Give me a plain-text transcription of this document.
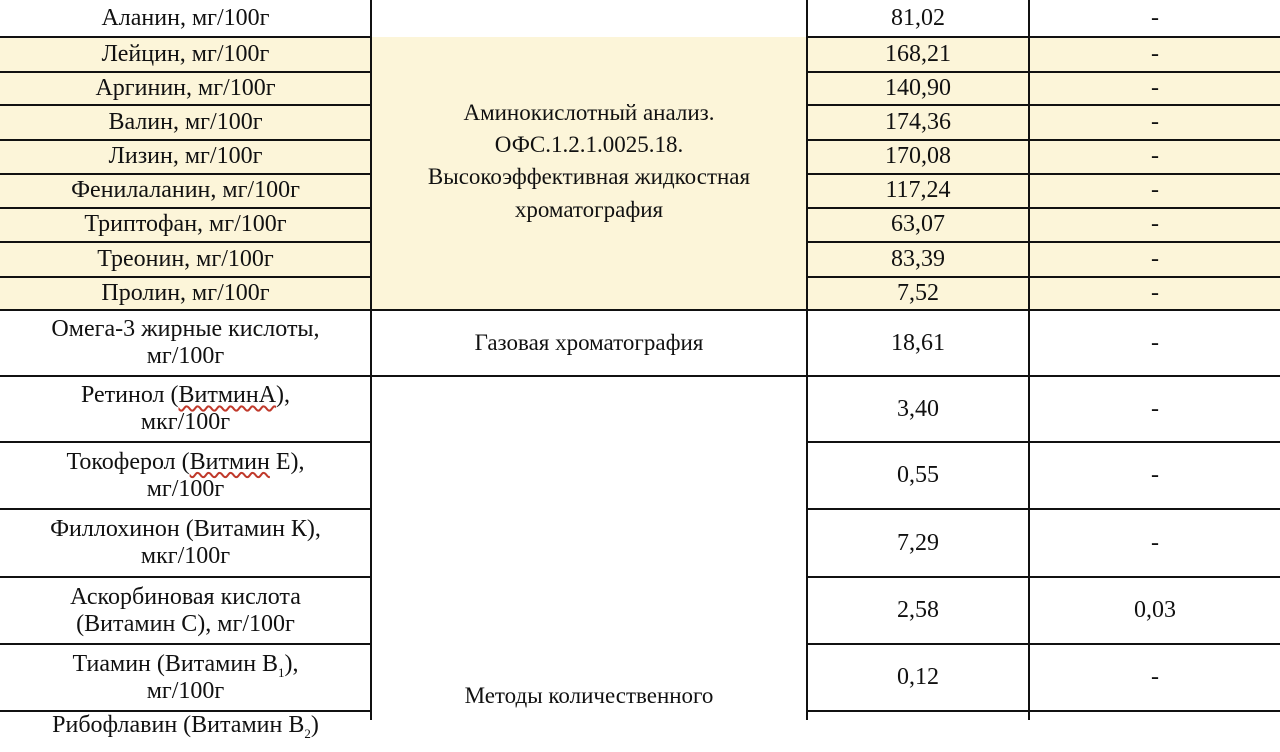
Аланин, мг/100г
Лейцин, мг/100г
Аргинин, мг/100г
Валин, мг/100г
Лизин, мг/100г
Фенилаланин, мг/100г
Триптофан, мг/100г
Треонин, мг/100г
Пролин, мг/100г
Омега-3 жирные кислоты,
мг/100г
Ретинол (ВитминА),
мкг/100г
Токоферол (Витмин Е),
мг/100г
Филлохинон (Витамин К),
мкг/100г
Аскорбиновая кислота
(Витамин С), мг/100г
Тиамин (Витамин $В_1$),
мг/100г
Рибофлавин (Витамин $В_2$)
Аминокислотный анализ.
ОФС.1.2.1.0025.18.
Высокоэффективная жидкостная
хроматография
Газовая хроматография
Методы количественного
81,02
168,21
140,90
174,36
170,08
117,24
63,07
83,39
7,52
18,61
3,40
0,55
7,29
2,58
0,12
-
-
-
-
-
-
-
-
-
-
-
-
-
0,03
-
